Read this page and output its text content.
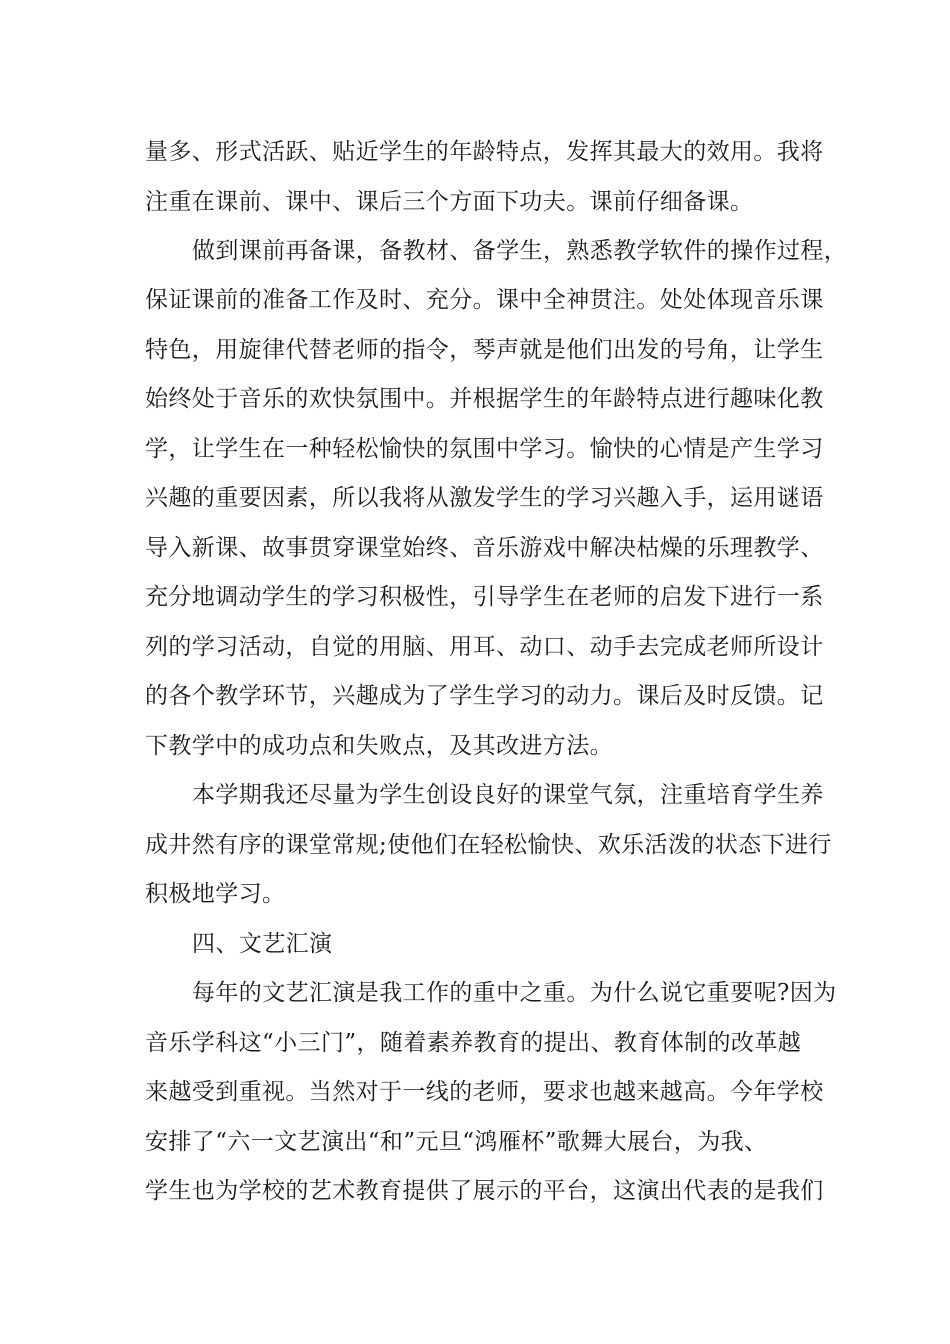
量多、形式活跃、贴近学生的年龄特点，发挥其最大的效用。我将
注重在课前、课中、课后三个方面下功夫。课前仔细备课。
做到课前再备课，备教材、备学生，熟悉教学软件的操作过程，
保证课前的准备工作及时、充分。课中全神贯注。处处体现音乐课
特色，用旋律代替老师的指令，琴声就是他们出发的号角，让学生
始终处于音乐的欢快氛围中。并根据学生的年龄特点进行趣味化教
学，让学生在一种轻松愉快的氛围中学习。愉快的心情是产生学习
兴趣的重要因素，所以我将从激发学生的学习兴趣入手，运用谜语
导入新课、故事贯穿课堂始终、音乐游戏中解决枯燥的乐理教学、
充分地调动学生的学习积极性，引导学生在老师的启发下进行一系
列的学习活动，自觉的用脑、用耳、动口、动手去完成老师所设计
的各个教学环节，兴趣成为了学生学习的动力。课后及时反馈。记
下教学中的成功点和失败点，及其改进方法。
本学期我还尽量为学生创设良好的课堂气氛，注重培育学生养
成井然有序的课堂常规;使他们在轻松愉快、欢乐活泼的状态下进行
积极地学习。
四、文艺汇演
每年的文艺汇演是我工作的重中之重。为什么说它重要呢?因为
音乐学科这“小三门”，随着素养教育的提出、教育体制的改革越
来越受到重视。当然对于一线的老师，要求也越来越高。今年学校
安排了“六一文艺演出“和”元旦“鸿雁杯”歌舞大展台，为我、
学生也为学校的艺术教育提供了展示的平台，这演出代表的是我们
